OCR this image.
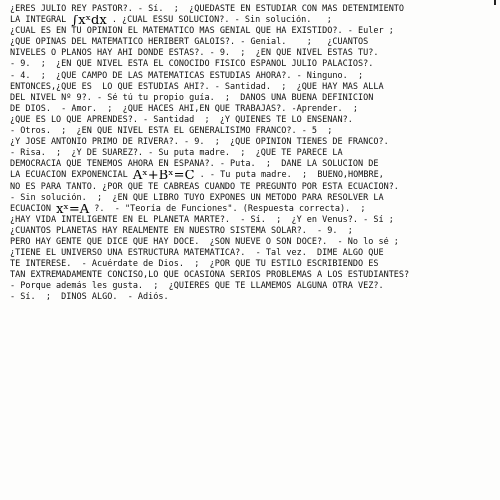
¿ERES JULIO REY PASTOR?. - Sí.  ;  ¿QUEDASTE EN ESTUDIAR CON MAS DETENIMIENTO
LA INTEGRAL ∫xˣdx . ¿CUÁL ESSU SOLUCIÓN?. - Sin solución.   ;
¿CUÁL ES EN TU OPINIÓN EL MATEMÁTICO MÁS GENIAL QUE HA EXISTIDO?. - Euler ;
¿QUÉ OPINAS DEL MATEMÁTICO HERIBERT GALOIS?. - Genial.    ;   ¿CUÁNTOS
NIVELES O PLANOS HAY AHÍ DONDE ESTÁS?. - 9.  ;  ¿EN QUÉ NIVEL ESTÁS TÚ?.
- 9.  ;  ¿EN QUÉ NIVEL ESTÁ EL CONOCIDO FÍSICO ESPAÑOL JULIO PALACIOS?.
- 4.  ;  ¿QUÉ CAMPO DE LAS MATEMÁTICAS ESTUDIAS AHORA?. - Ninguno.  ;
ENTONCES,¿QUÉ ES  LO QUE ESTUDIAS AHÍ?. - Santidad.  ;  ¿QUÉ HAY MÁS ALLÁ
DEL NIVEL Nº 9?. - Sé tú tu propio guía.  ;  DANOS UNA BUENA DEFINICIÓN
DE DIOS.  - Amor.  ;  ¿QUÉ HACES AHÍ,EN QUE TRABAJAS?. -Aprender.  ;
¿QUÉ ES LO QUE APRENDES?. - Santidad  ;  ¿Y QUIÉNES TE LO ENSEÑAN?.
- Otros.  ;  ¿EN QUÉ NIVEL ESTÁ EL GENERALÍSIMO FRANCO?. - 5  ;
¿Y JOSÉ ANTONIO PRIMO DE RIVERA?. - 9.  ;  ¿QUÉ OPINIÓN TIENES DE FRANCO?.
- Risa.  ;  ¿Y DE SUÁREZ?. - Su puta madre.  ;  ¿QUÉ TE PARECE LA
DEMOCRACIA QUE TENEMOS AHORA EN ESPAÑA?. - Puta.  ;  DANE LA SOLUCIÓN DE
LA ECUACION EXPONENCIAL Aˣ+Bˣ=C . - Tu puta madre.  ;  BUENO,HOMBRE,
NO ES PARA TANTO. ¿POR QUÉ TE CABREAS CUANDO TE PREGUNTO POR ESTA ECUACIÓN?.
- Sin solución.  ;  ¿EN QUÉ LIBRO TUYO EXPONES UN MÉTODO PARA RESOLVER LA
ECUACIÓN xˣ=A ?.  - "Teoría de Funciones". (Respuesta correcta).  ;
¿HAY VIDA INTELIGENTE EN EL PLANETA MARTE?.  - Sí.  ;  ¿Y en Venus?. - Sí ;
¿CUÁNTOS PLANETAS HAY REALMENTE EN NUESTRO SISTEMA SOLAR?.  - 9.  ;
PERO HAY GENTE QUE DICE QUE HAY DOCE.  ¿SON NUEVE O SON DOCE?.  - No lo sé ;
¿TIENE EL UNIVERSO UNA ESTRUCTURA MATEMÁTICA?.  - Tal vez.  DIME ALGO QUE
TE INTERESE.  - Acuérdate de Dios.  ;  ¿POR QUÉ TU ESTILO ESCRIBIENDO ES
TAN EXTREMADAMENTE CONCISO,LO QUE OCASIONA SERIOS PROBLEMAS A LOS ESTUDIANTES?
- Porque además les gusta.  ;  ¿QUIERES QUE TE LLAMEMOS ALGUNA OTRA VEZ?.
- Sí.  ;  DINOS ALGO.  - Adiós.
